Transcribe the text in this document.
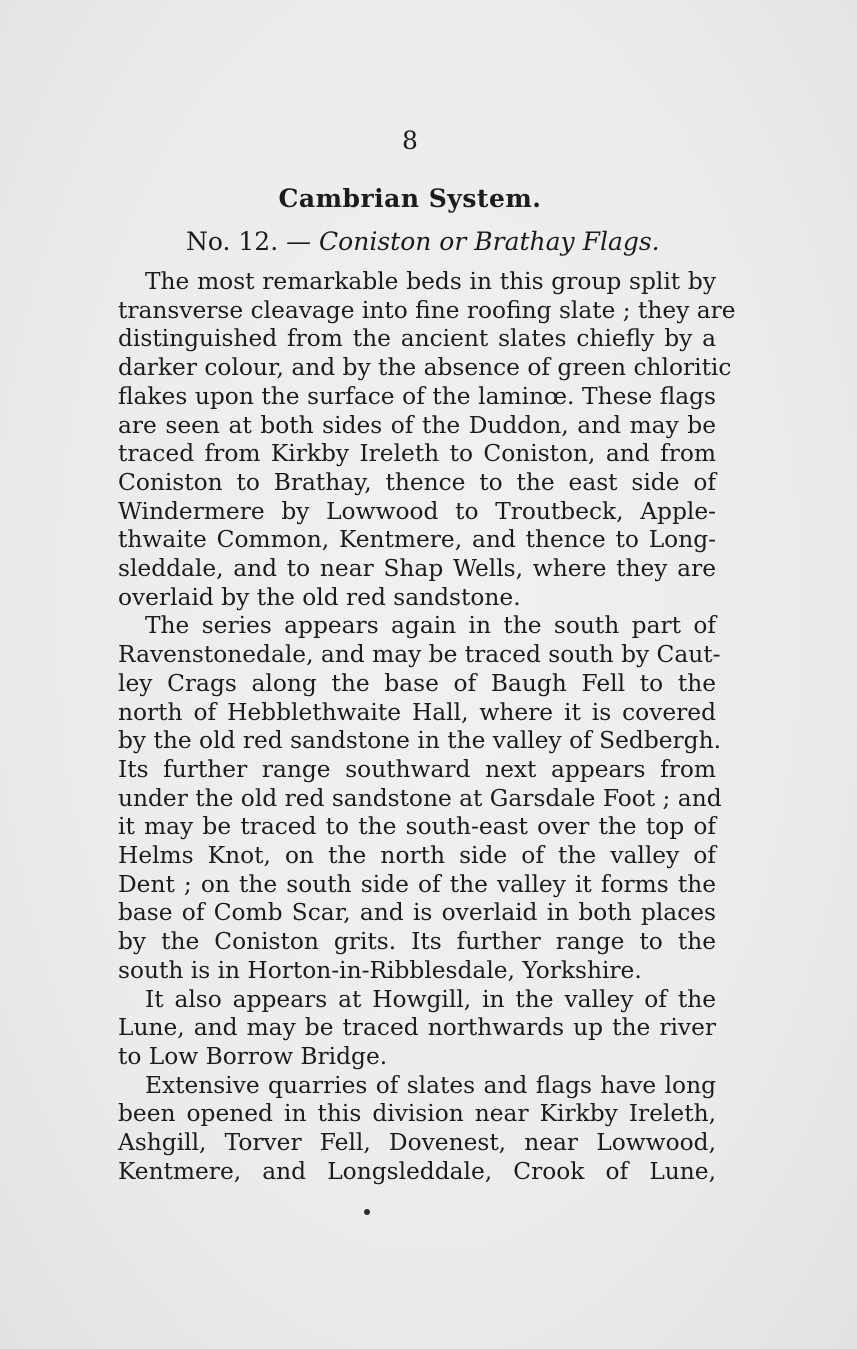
8
Cambrian System.
No. 12. — Coniston or Brathay Flags.
The most remarkable beds in this group split by
transverse cleavage into fine roofing slate ; they are
distinguished from the ancient slates chiefly by a
darker colour, and by the absence of green chloritic
flakes upon the surface of the laminœ. These flags
are seen at both sides of the Duddon, and may be
traced from Kirkby Ireleth to Coniston, and from
Coniston to Brathay, thence to the east side of
Windermere by Lowwood to Troutbeck, Apple-
thwaite Common, Kentmere, and thence to Long-
sleddale, and to near Shap Wells, where they are
overlaid by the old red sandstone.
The series appears again in the south part of
Ravenstonedale, and may be traced south by Caut-
ley Crags along the base of Baugh Fell to the
north of Hebblethwaite Hall, where it is covered
by the old red sandstone in the valley of Sedbergh.
Its further range southward next appears from
under the old red sandstone at Garsdale Foot ; and
it may be traced to the south-east over the top of
Helms Knot, on the north side of the valley of
Dent ; on the south side of the valley it forms the
base of Comb Scar, and is overlaid in both places
by the Coniston grits. Its further range to the
south is in Horton-in-Ribblesdale, Yorkshire.
It also appears at Howgill, in the valley of the
Lune, and may be traced northwards up the river
to Low Borrow Bridge.
Extensive quarries of slates and flags have long
been opened in this division near Kirkby Ireleth,
Ashgill, Torver Fell, Dovenest, near Lowwood,
Kentmere, and Longsleddale, Crook of Lune,
